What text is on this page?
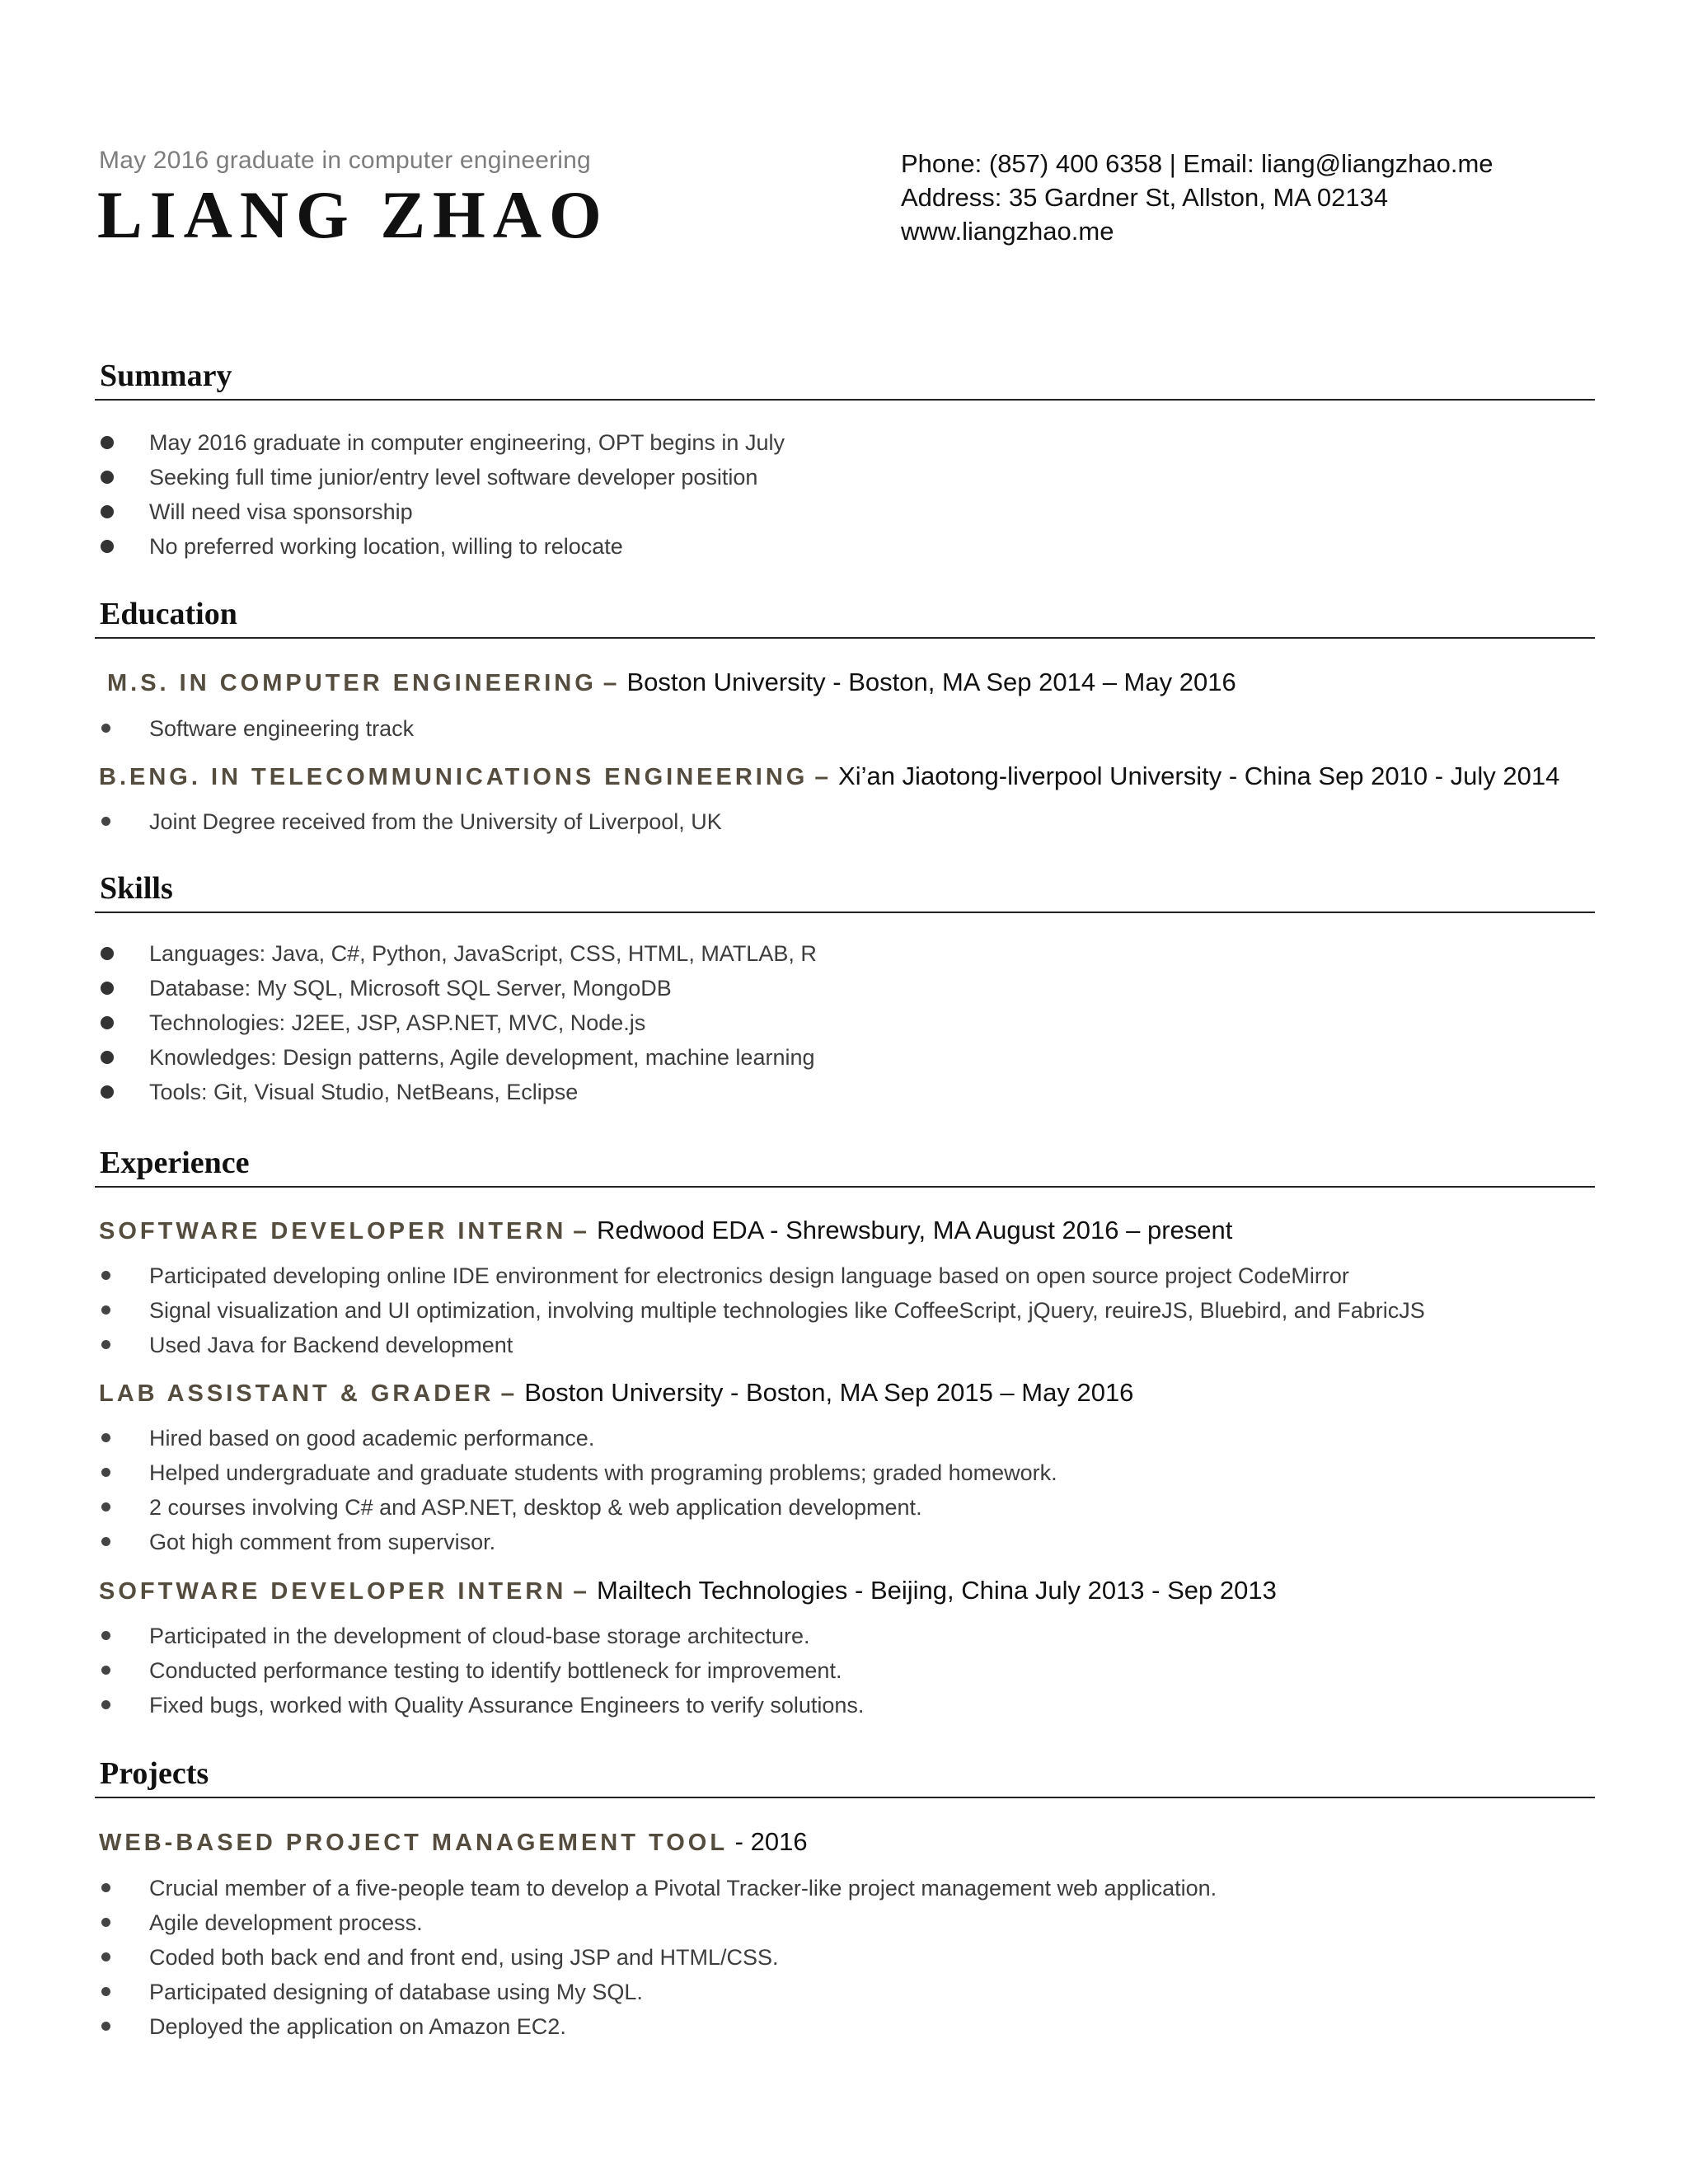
May 2016 graduate in computer engineering
LIANG ZHAO
Phone: (857) 400 6358 | Email: liang@liangzhao.me
Address: 35 Gardner St, Allston, MA 02134
www.liangzhao.me
Summary
May 2016 graduate in computer engineering, OPT begins in July
Seeking full time junior/entry level software developer position
Will need visa sponsorship
No preferred working location, willing to relocate
Education
M.S. IN COMPUTER ENGINEERING – Boston University - Boston, MA Sep 2014 – May 2016
Software engineering track
B.ENG. IN TELECOMMUNICATIONS ENGINEERING – Xi’an Jiaotong-liverpool University - China Sep 2010 - July 2014
Joint Degree received from the University of Liverpool, UK
Skills
Languages: Java, C#, Python, JavaScript, CSS, HTML, MATLAB, R
Database: My SQL, Microsoft SQL Server, MongoDB
Technologies: J2EE, JSP, ASP.NET, MVC, Node.js
Knowledges: Design patterns, Agile development, machine learning
Tools: Git, Visual Studio, NetBeans, Eclipse
Experience
SOFTWARE DEVELOPER INTERN – Redwood EDA - Shrewsbury, MA August 2016 – present
Participated developing online IDE environment for electronics design language based on open source project CodeMirror
Signal visualization and UI optimization, involving multiple technologies like CoffeeScript, jQuery, reuireJS, Bluebird, and FabricJS
Used Java for Backend development
LAB ASSISTANT & GRADER – Boston University - Boston, MA Sep 2015 – May 2016
Hired based on good academic performance.
Helped undergraduate and graduate students with programing problems; graded homework.
2 courses involving C# and ASP.NET, desktop & web application development.
Got high comment from supervisor.
SOFTWARE DEVELOPER INTERN – Mailtech Technologies - Beijing, China July 2013 - Sep 2013
Participated in the development of cloud-base storage architecture.
Conducted performance testing to identify bottleneck for improvement.
Fixed bugs, worked with Quality Assurance Engineers to verify solutions.
Projects
WEB-BASED PROJECT MANAGEMENT TOOL - 2016
Crucial member of a five-people team to develop a Pivotal Tracker-like project management web application.
Agile development process.
Coded both back end and front end, using JSP and HTML/CSS.
Participated designing of database using My SQL.
Deployed the application on Amazon EC2.
